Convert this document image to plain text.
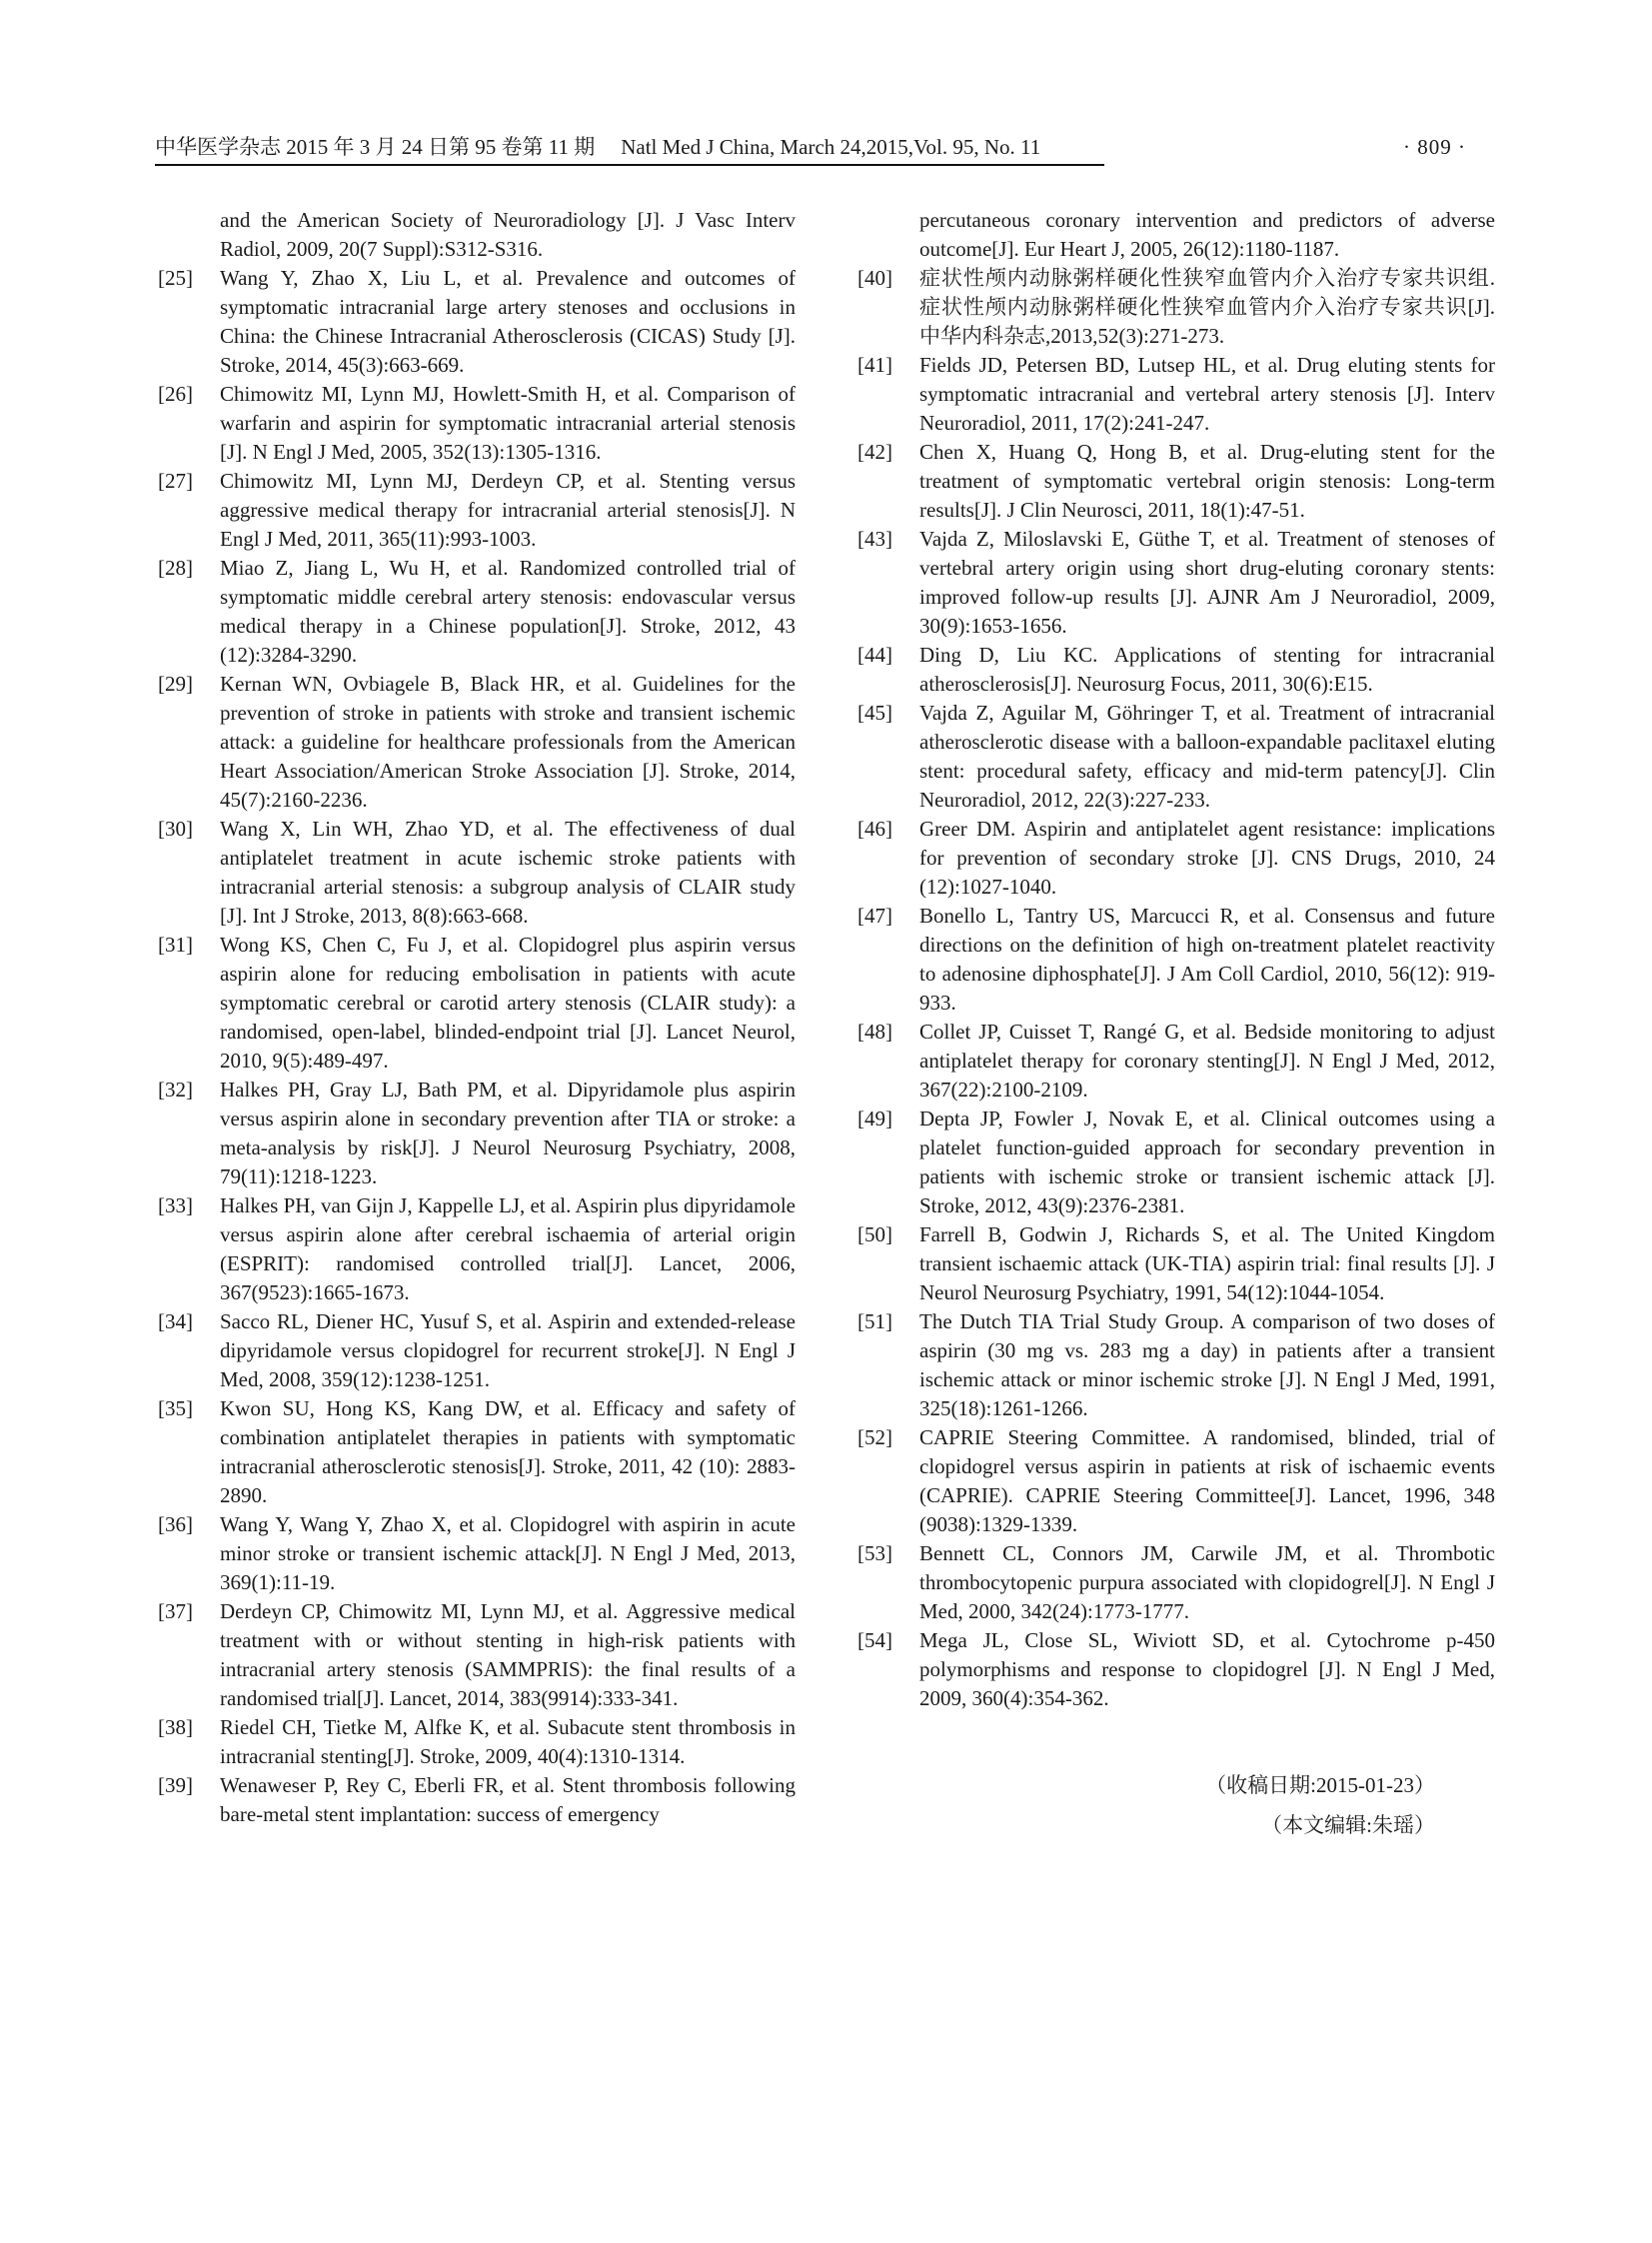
中华医学杂志 2015 年 3 月 24 日第 95 卷第 11 期 Natl Med J China, March 24,2015,Vol. 95, No. 11	· 809 ·
and the American Society of Neuroradiology [J]. J Vasc Interv Radiol, 2009, 20(7 Suppl):S312-S316.
[25]	Wang Y, Zhao X, Liu L, et al. Prevalence and outcomes of symptomatic intracranial large artery stenoses and occlusions in China: the Chinese Intracranial Atherosclerosis (CICAS) Study [J]. Stroke, 2014, 45(3):663-669.
[26]	Chimowitz MI, Lynn MJ, Howlett-Smith H, et al. Comparison of warfarin and aspirin for symptomatic intracranial arterial stenosis [J]. N Engl J Med, 2005, 352(13):1305-1316.
[27]	Chimowitz MI, Lynn MJ, Derdeyn CP, et al. Stenting versus aggressive medical therapy for intracranial arterial stenosis[J]. N Engl J Med, 2011, 365(11):993-1003.
[28]	Miao Z, Jiang L, Wu H, et al. Randomized controlled trial of symptomatic middle cerebral artery stenosis: endovascular versus medical therapy in a Chinese population[J]. Stroke, 2012, 43 (12):3284-3290.
[29]	Kernan WN, Ovbiagele B, Black HR, et al. Guidelines for the prevention of stroke in patients with stroke and transient ischemic attack: a guideline for healthcare professionals from the American Heart Association/American Stroke Association [J]. Stroke, 2014, 45(7):2160-2236.
[30]	Wang X, Lin WH, Zhao YD, et al. The effectiveness of dual antiplatelet treatment in acute ischemic stroke patients with intracranial arterial stenosis: a subgroup analysis of CLAIR study [J]. Int J Stroke, 2013, 8(8):663-668.
[31]	Wong KS, Chen C, Fu J, et al. Clopidogrel plus aspirin versus aspirin alone for reducing embolisation in patients with acute symptomatic cerebral or carotid artery stenosis (CLAIR study): a randomised, open-label, blinded-endpoint trial [J]. Lancet Neurol, 2010, 9(5):489-497.
[32]	Halkes PH, Gray LJ, Bath PM, et al. Dipyridamole plus aspirin versus aspirin alone in secondary prevention after TIA or stroke: a meta-analysis by risk[J]. J Neurol Neurosurg Psychiatry, 2008, 79(11):1218-1223.
[33]	Halkes PH, van Gijn J, Kappelle LJ, et al. Aspirin plus dipyridamole versus aspirin alone after cerebral ischaemia of arterial origin (ESPRIT): randomised controlled trial[J]. Lancet, 2006, 367(9523):1665-1673.
[34]	Sacco RL, Diener HC, Yusuf S, et al. Aspirin and extended-release dipyridamole versus clopidogrel for recurrent stroke[J]. N Engl J Med, 2008, 359(12):1238-1251.
[35]	Kwon SU, Hong KS, Kang DW, et al. Efficacy and safety of combination antiplatelet therapies in patients with symptomatic intracranial atherosclerotic stenosis[J]. Stroke, 2011, 42 (10): 2883-2890.
[36]	Wang Y, Wang Y, Zhao X, et al. Clopidogrel with aspirin in acute minor stroke or transient ischemic attack[J]. N Engl J Med, 2013, 369(1):11-19.
[37]	Derdeyn CP, Chimowitz MI, Lynn MJ, et al. Aggressive medical treatment with or without stenting in high-risk patients with intracranial artery stenosis (SAMMPRIS): the final results of a randomised trial[J]. Lancet, 2014, 383(9914):333-341.
[38]	Riedel CH, Tietke M, Alfke K, et al. Subacute stent thrombosis in intracranial stenting[J]. Stroke, 2009, 40(4):1310-1314.
[39]	Wenaweser P, Rey C, Eberli FR, et al. Stent thrombosis following bare-metal stent implantation: success of emergency
percutaneous coronary intervention and predictors of adverse outcome[J]. Eur Heart J, 2005, 26(12):1180-1187.
[40]	症状性颅内动脉粥样硬化性狭窄血管内介入治疗专家共识组. 症状性颅内动脉粥样硬化性狭窄血管内介入治疗专家共识[J]. 中华内科杂志,2013,52(3):271-273.
[41]	Fields JD, Petersen BD, Lutsep HL, et al. Drug eluting stents for symptomatic intracranial and vertebral artery stenosis [J]. Interv Neuroradiol, 2011, 17(2):241-247.
[42]	Chen X, Huang Q, Hong B, et al. Drug-eluting stent for the treatment of symptomatic vertebral origin stenosis: Long-term results[J]. J Clin Neurosci, 2011, 18(1):47-51.
[43]	Vajda Z, Miloslavski E, Güthe T, et al. Treatment of stenoses of vertebral artery origin using short drug-eluting coronary stents: improved follow-up results [J]. AJNR Am J Neuroradiol, 2009, 30(9):1653-1656.
[44]	Ding D, Liu KC. Applications of stenting for intracranial atherosclerosis[J]. Neurosurg Focus, 2011, 30(6):E15.
[45]	Vajda Z, Aguilar M, Göhringer T, et al. Treatment of intracranial atherosclerotic disease with a balloon-expandable paclitaxel eluting stent: procedural safety, efficacy and mid-term patency[J]. Clin Neuroradiol, 2012, 22(3):227-233.
[46]	Greer DM. Aspirin and antiplatelet agent resistance: implications for prevention of secondary stroke [J]. CNS Drugs, 2010, 24 (12):1027-1040.
[47]	Bonello L, Tantry US, Marcucci R, et al. Consensus and future directions on the definition of high on-treatment platelet reactivity to adenosine diphosphate[J]. J Am Coll Cardiol, 2010, 56(12): 919-933.
[48]	Collet JP, Cuisset T, Rangé G, et al. Bedside monitoring to adjust antiplatelet therapy for coronary stenting[J]. N Engl J Med, 2012, 367(22):2100-2109.
[49]	Depta JP, Fowler J, Novak E, et al. Clinical outcomes using a platelet function-guided approach for secondary prevention in patients with ischemic stroke or transient ischemic attack [J]. Stroke, 2012, 43(9):2376-2381.
[50]	Farrell B, Godwin J, Richards S, et al. The United Kingdom transient ischaemic attack (UK-TIA) aspirin trial: final results [J]. J Neurol Neurosurg Psychiatry, 1991, 54(12):1044-1054.
[51]	The Dutch TIA Trial Study Group. A comparison of two doses of aspirin (30 mg vs. 283 mg a day) in patients after a transient ischemic attack or minor ischemic stroke [J]. N Engl J Med, 1991, 325(18):1261-1266.
[52]	CAPRIE Steering Committee. A randomised, blinded, trial of clopidogrel versus aspirin in patients at risk of ischaemic events (CAPRIE). CAPRIE Steering Committee[J]. Lancet, 1996, 348 (9038):1329-1339.
[53]	Bennett CL, Connors JM, Carwile JM, et al. Thrombotic thrombocytopenic purpura associated with clopidogrel[J]. N Engl J Med, 2000, 342(24):1773-1777.
[54]	Mega JL, Close SL, Wiviott SD, et al. Cytochrome p-450 polymorphisms and response to clopidogrel [J]. N Engl J Med, 2009, 360(4):354-362.
（收稿日期:2015-01-23）
（本文编辑:朱瑶）
